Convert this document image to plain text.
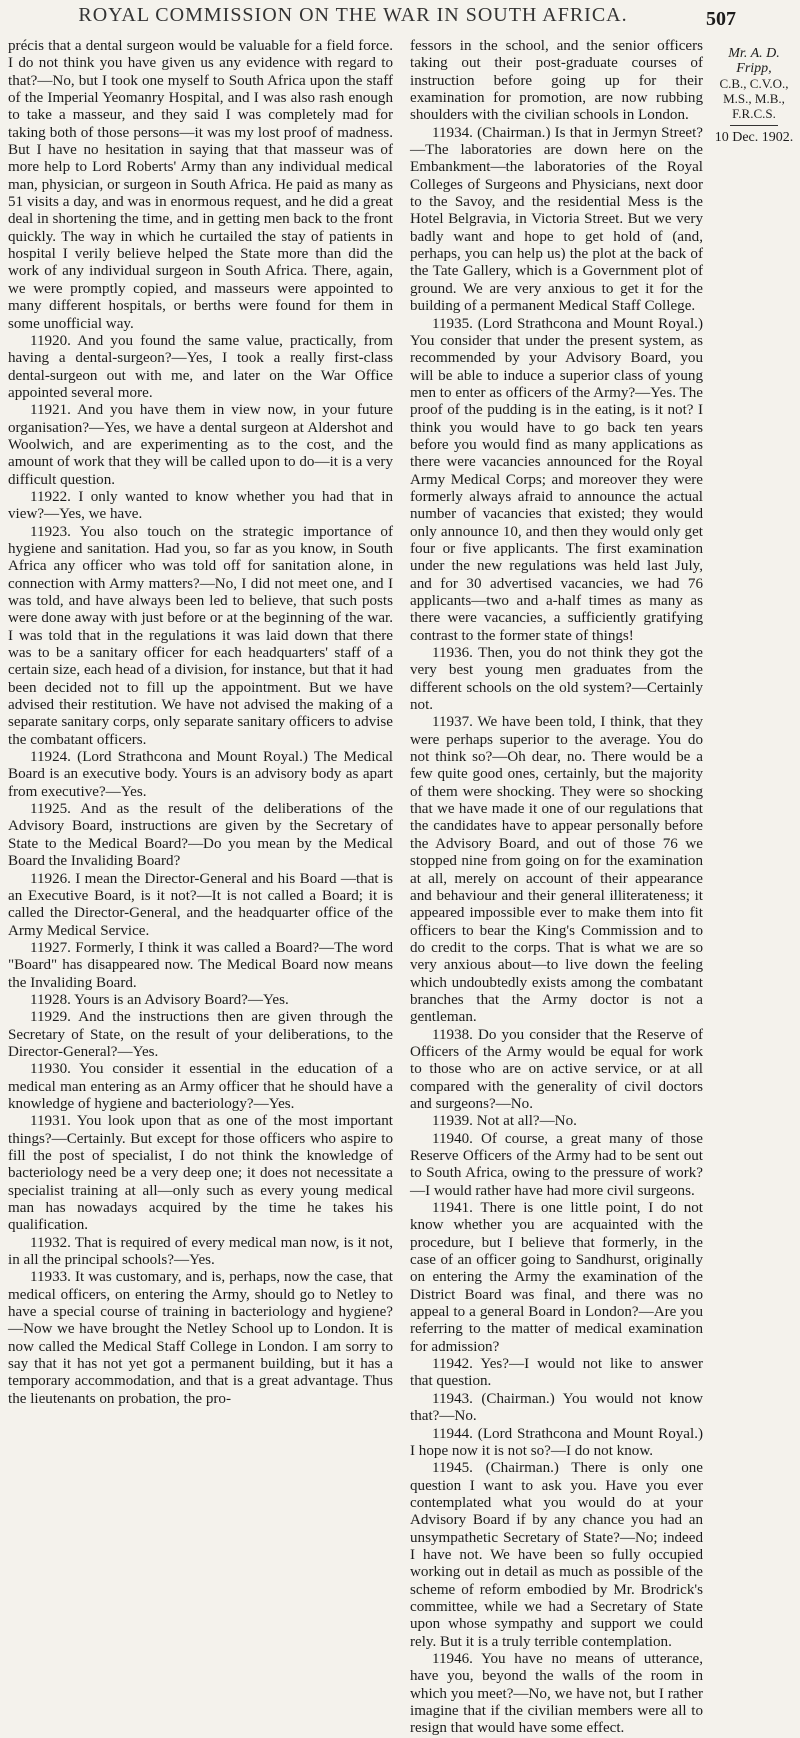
ROYAL COMMISSION ON THE WAR IN SOUTH AFRICA.	507

précis that a dental surgeon would be valuable for a field force. I do not think you have given us any evidence with regard to that?—No, but I took one myself to South Africa upon the staff of the Imperial Yeomanry Hospital, and I was also rash enough to take a masseur, and they said I was completely mad for taking both of those persons—it was my lost proof of madness. But I have no hesitation in saying that that masseur was of more help to Lord Roberts' Army than any individual medical man, physician, or surgeon in South Africa. He paid as many as 51 visits a day, and was in enormous request, and he did a great deal in shortening the time, and in getting men back to the front quickly. The way in which he curtailed the stay of patients in hospital I verily believe helped the State more than did the work of any individual surgeon in South Africa. There, again, we were promptly copied, and masseurs were appointed to many different hospitals, or berths were found for them in some unofficial way.

11920. And you found the same value, practically, from having a dental-surgeon?—Yes, I took a really first-class dental-surgeon out with me, and later on the War Office appointed several more.

11921. And you have them in view now, in your future organisation?—Yes, we have a dental surgeon at Aldershot and Woolwich, and are experimenting as to the cost, and the amount of work that they will be called upon to do—it is a very difficult question.

11922. I only wanted to know whether you had that in view?—Yes, we have.

11923. You also touch on the strategic importance of hygiene and sanitation. Had you, so far as you know, in South Africa any officer who was told off for sanitation alone, in connection with Army matters?—No, I did not meet one, and I was told, and have always been led to believe, that such posts were done away with just before or at the beginning of the war. I was told that in the regulations it was laid down that there was to be a sanitary officer for each headquarters' staff of a certain size, each head of a division, for instance, but that it had been decided not to fill up the appointment. But we have advised their restitution. We have not advised the making of a separate sanitary corps, only separate sanitary officers to advise the combatant officers.

11924. (Lord Strathcona and Mount Royal.) The Medical Board is an executive body. Yours is an advisory body as apart from executive?—Yes.

11925. And as the result of the deliberations of the Advisory Board, instructions are given by the Secretary of State to the Medical Board?—Do you mean by the Medical Board the Invaliding Board?

11926. I mean the Director-General and his Board —that is an Executive Board, is it not?—It is not called a Board; it is called the Director-General, and the headquarter office of the Army Medical Service.

11927. Formerly, I think it was called a Board?—The word "Board" has disappeared now. The Medical Board now means the Invaliding Board.

11928. Yours is an Advisory Board?—Yes.

11929. And the instructions then are given through the Secretary of State, on the result of your deliberations, to the Director-General?—Yes.

11930. You consider it essential in the education of a medical man entering as an Army officer that he should have a knowledge of hygiene and bacteriology?—Yes.

11931. You look upon that as one of the most important things?—Certainly. But except for those officers who aspire to fill the post of specialist, I do not think the knowledge of bacteriology need be a very deep one; it does not necessitate a specialist training at all—only such as every young medical man has nowadays acquired by the time he takes his qualification.

11932. That is required of every medical man now, is it not, in all the principal schools?—Yes.

11933. It was customary, and is, perhaps, now the case, that medical officers, on entering the Army, should go to Netley to have a special course of training in bacteriology and hygiene?—Now we have brought the Netley School up to London. It is now called the Medical Staff College in London. I am sorry to say that it has not yet got a permanent building, but it has a temporary accommodation, and that is a great advantage. Thus the lieutenants on probation, the pro-

fessors in the school, and the senior officers taking out their post-graduate courses of instruction before going up for their examination for promotion, are now rubbing shoulders with the civilian schools in London.

11934. (Chairman.) Is that in Jermyn Street?—The laboratories are down here on the Embankment—the laboratories of the Royal Colleges of Surgeons and Physicians, next door to the Savoy, and the residential Mess is the Hotel Belgravia, in Victoria Street. But we very badly want and hope to get hold of (and, perhaps, you can help us) the plot at the back of the Tate Gallery, which is a Government plot of ground. We are very anxious to get it for the building of a permanent Medical Staff College.

11935. (Lord Strathcona and Mount Royal.) You consider that under the present system, as recommended by your Advisory Board, you will be able to induce a superior class of young men to enter as officers of the Army?—Yes. The proof of the pudding is in the eating, is it not? I think you would have to go back ten years before you would find as many applications as there were vacancies announced for the Royal Army Medical Corps; and moreover they were formerly always afraid to announce the actual number of vacancies that existed; they would only announce 10, and then they would only get four or five applicants. The first examination under the new regulations was held last July, and for 30 advertised vacancies, we had 76 applicants—two and a-half times as many as there were vacancies, a sufficiently gratifying contrast to the former state of things!

11936. Then, you do not think they got the very best young men graduates from the different schools on the old system?—Certainly not.

11937. We have been told, I think, that they were perhaps superior to the average. You do not think so?—Oh dear, no. There would be a few quite good ones, certainly, but the majority of them were shocking. They were so shocking that we have made it one of our regulations that the candidates have to appear personally before the Advisory Board, and out of those 76 we stopped nine from going on for the examination at all, merely on account of their appearance and behaviour and their general illiterateness; it appeared impossible ever to make them into fit officers to bear the King's Commission and to do credit to the corps. That is what we are so very anxious about—to live down the feeling which undoubtedly exists among the combatant branches that the Army doctor is not a gentleman.

11938. Do you consider that the Reserve of Officers of the Army would be equal for work to those who are on active service, or at all compared with the generality of civil doctors and surgeons?—No.

11939. Not at all?—No.

11940. Of course, a great many of those Reserve Officers of the Army had to be sent out to South Africa, owing to the pressure of work?—I would rather have had more civil surgeons.

11941. There is one little point, I do not know whether you are acquainted with the procedure, but I believe that formerly, in the case of an officer going to Sandhurst, originally on entering the Army the examination of the District Board was final, and there was no appeal to a general Board in London?—Are you referring to the matter of medical examination for admission?

11942. Yes?—I would not like to answer that question.

11943. (Chairman.) You would not know that?—No.

11944. (Lord Strathcona and Mount Royal.) I hope now it is not so?—I do not know.

11945. (Chairman.) There is only one question I want to ask you. Have you ever contemplated what you would do at your Advisory Board if by any chance you had an unsympathetic Secretary of State?—No; indeed I have not. We have been so fully occupied working out in detail as much as possible of the scheme of reform embodied by Mr. Brodrick's committee, while we had a Secretary of State upon whose sympathy and support we could rely. But it is a truly terrible contemplation.

11946. You have no means of utterance, have you, beyond the walls of the room in which you meet?—No, we have not, but I rather imagine that if the civilian members were all to resign that would have some effect.

Mr. A. D. Fripp,
C.B., C.V.O.,
M.S., M.B.,
F.R.C.S.
10 Dec. 1902.
